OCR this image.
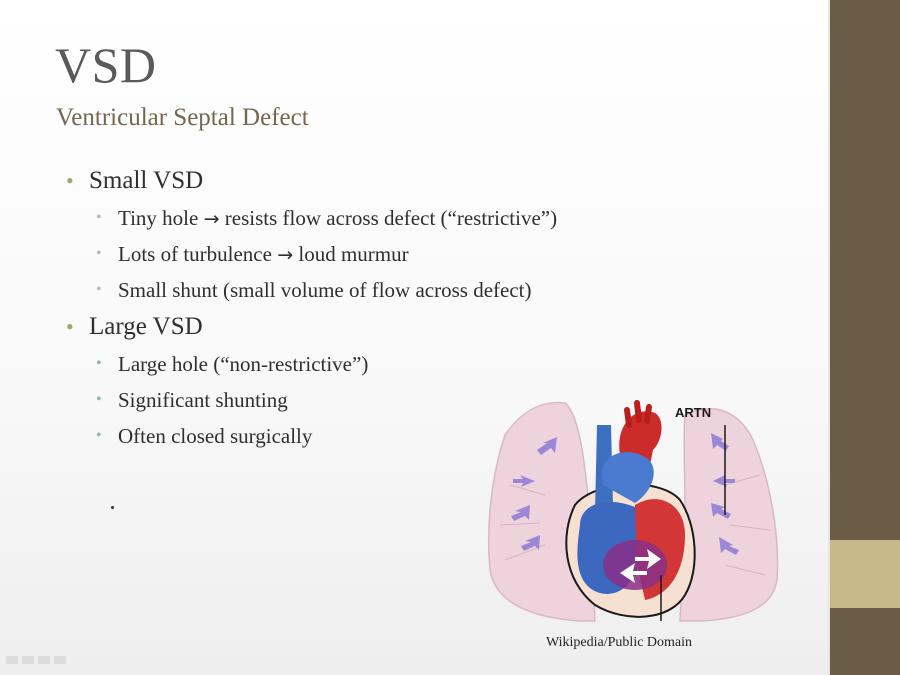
VSD
Ventricular Septal Defect
• Small VSD
• Tiny hole → resists flow across defect (“restrictive”)
• Lots of turbulence → loud murmur
• Small shunt (small volume of flow across defect)
• Large VSD
• Large hole (“non-restrictive”)
• Significant shunting
• Often closed surgically
ARTN
Wikipedia/Public Domain
